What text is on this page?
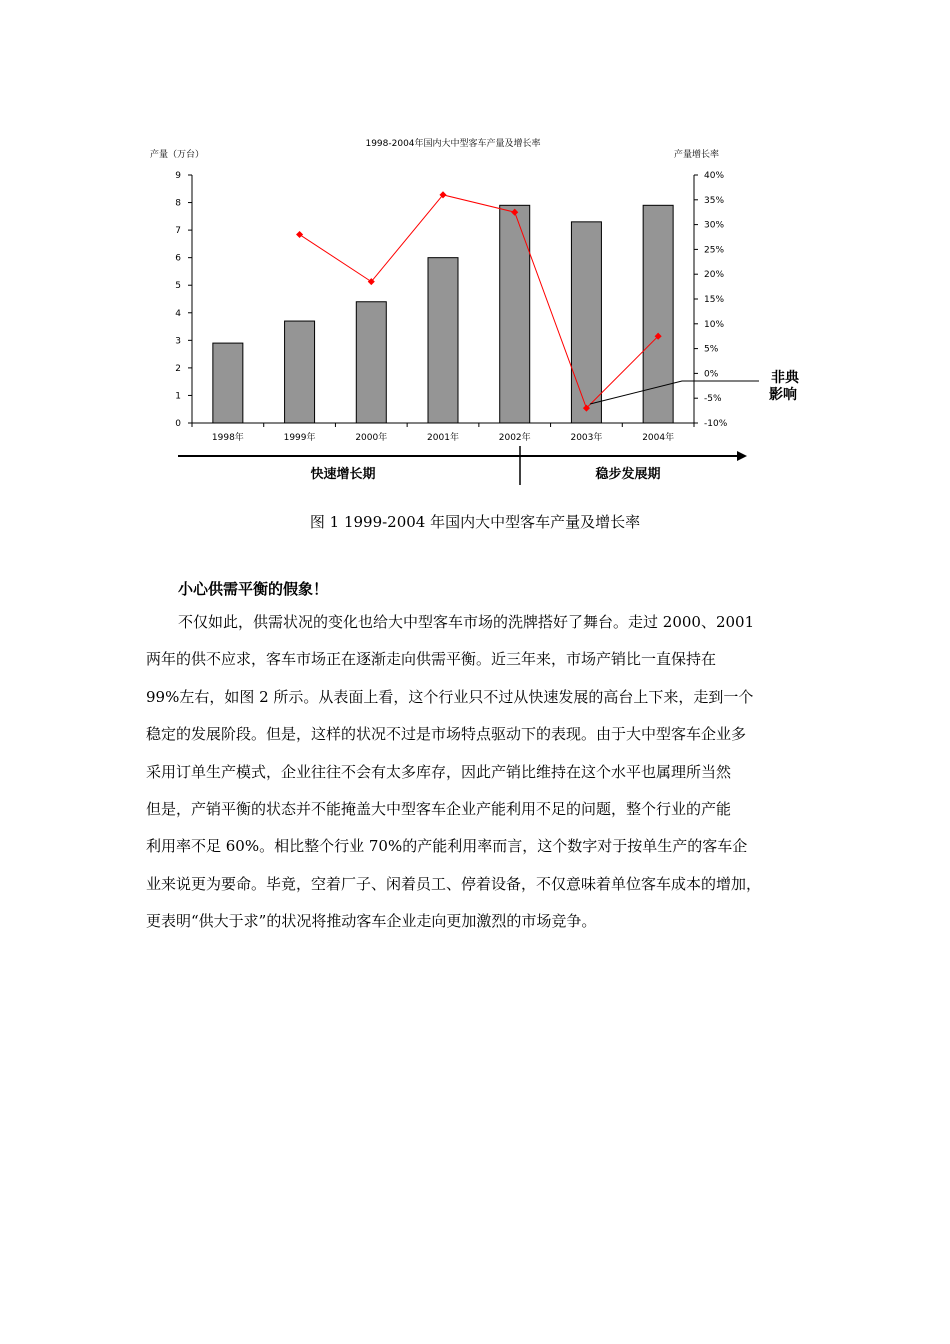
1998-2004年国内大中型客车产量及增长率
产量（万台）	产量增长率
0
1
2
3
4
5
6
7
8
9
-10%
-5%
0%
5%
10%
15%
20%
25%
30%
35%
40%
1998年	1999年	2000年	2001年	2002年	2003年	2004年
非典
影响
快速增长期	稳步发展期
图 1 1999-2004 年国内大中型客车产量及增长率
小心供需平衡的假象！

不仅如此，供需状况的变化也给大中型客车市场的洗牌搭好了舞台。走过 2000、2001
两年的供不应求，客车市场正在逐渐走向供需平衡。近三年来，市场产销比一直保持在
99%左右，如图 2 所示。从表面上看，这个行业只不过从快速发展的高台上下来，走到一个
稳定的发展阶段。但是，这样的状况不过是市场特点驱动下的表现。由于大中型客车企业多
采用订单生产模式，企业往往不会有太多库存，因此产销比维持在这个水平也属理所当然
但是，产销平衡的状态并不能掩盖大中型客车企业产能利用不足的问题，整个行业的产能
利用率不足 60%。相比整个行业 70%的产能利用率而言，这个数字对于按单生产的客车企
业来说更为要命。毕竟，空着厂子、闲着员工、停着设备，不仅意味着单位客车成本的增加，
更表明“供大于求”的状况将推动客车企业走向更加激烈的市场竞争。
